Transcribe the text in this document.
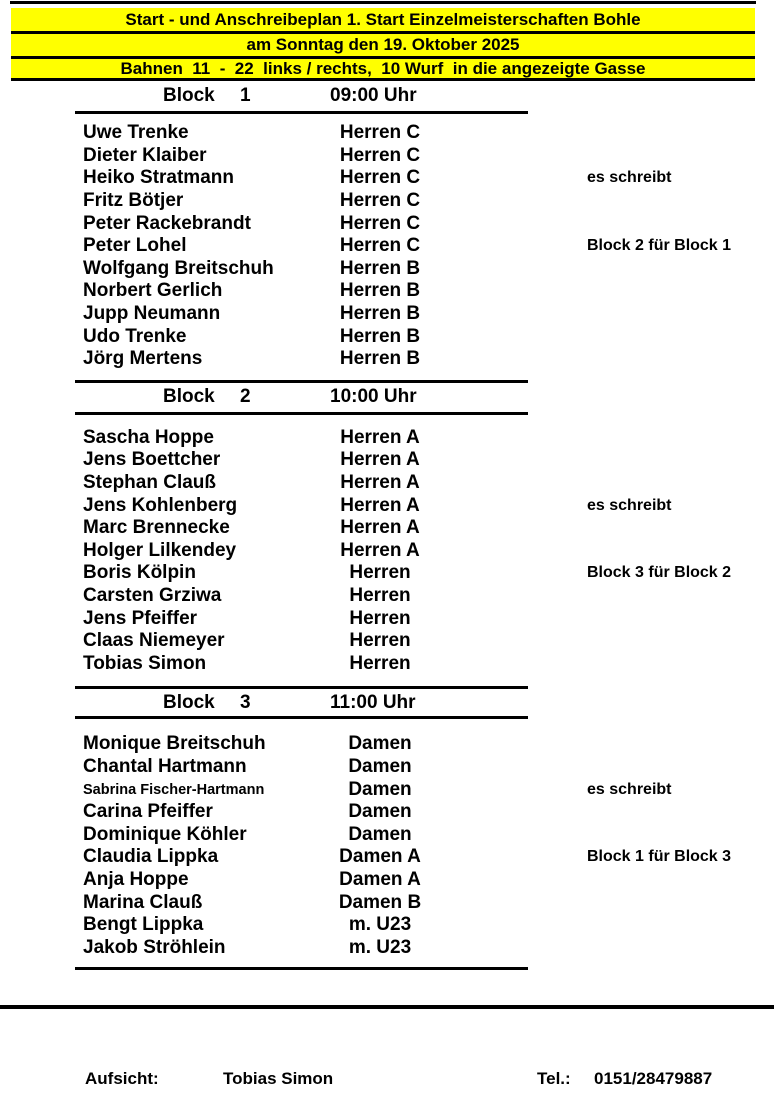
Start - und Anschreibeplan 1. Start Einzelmeisterschaften Bohle
am Sonntag den 19. Oktober 2025
Bahnen  11  -  22  links / rechts,  10 Wurf  in die angezeigte Gasse
Block 1	09:00 Uhr
Uwe Trenke	Herren C
Dieter Klaiber	Herren C
Heiko Stratmann	Herren C	es schreibt
Fritz Bötjer	Herren C
Peter Rackebrandt	Herren C
Peter Lohel	Herren C	Block 2 für Block 1
Wolfgang Breitschuh	Herren B
Norbert Gerlich	Herren B
Jupp Neumann	Herren B
Udo Trenke	Herren B
Jörg Mertens	Herren B
Block 2	10:00 Uhr
Sascha Hoppe	Herren A
Jens Boettcher	Herren A
Stephan Clauß	Herren A
Jens Kohlenberg	Herren A	es schreibt
Marc Brennecke	Herren A
Holger Lilkendey	Herren A
Boris Kölpin	Herren	Block 3 für Block 2
Carsten Grziwa	Herren
Jens Pfeiffer	Herren
Claas Niemeyer	Herren
Tobias Simon	Herren
Block 3	11:00 Uhr
Monique Breitschuh	Damen
Chantal Hartmann	Damen
Sabrina Fischer-Hartmann	Damen	es schreibt
Carina Pfeiffer	Damen
Dominique Köhler	Damen
Claudia Lippka	Damen A	Block 1 für Block 3
Anja Hoppe	Damen A
Marina Clauß	Damen B
Bengt Lippka	m. U23
Jakob Ströhlein	m. U23
Aufsicht:	Tobias Simon	Tel.: 0151/28479887
